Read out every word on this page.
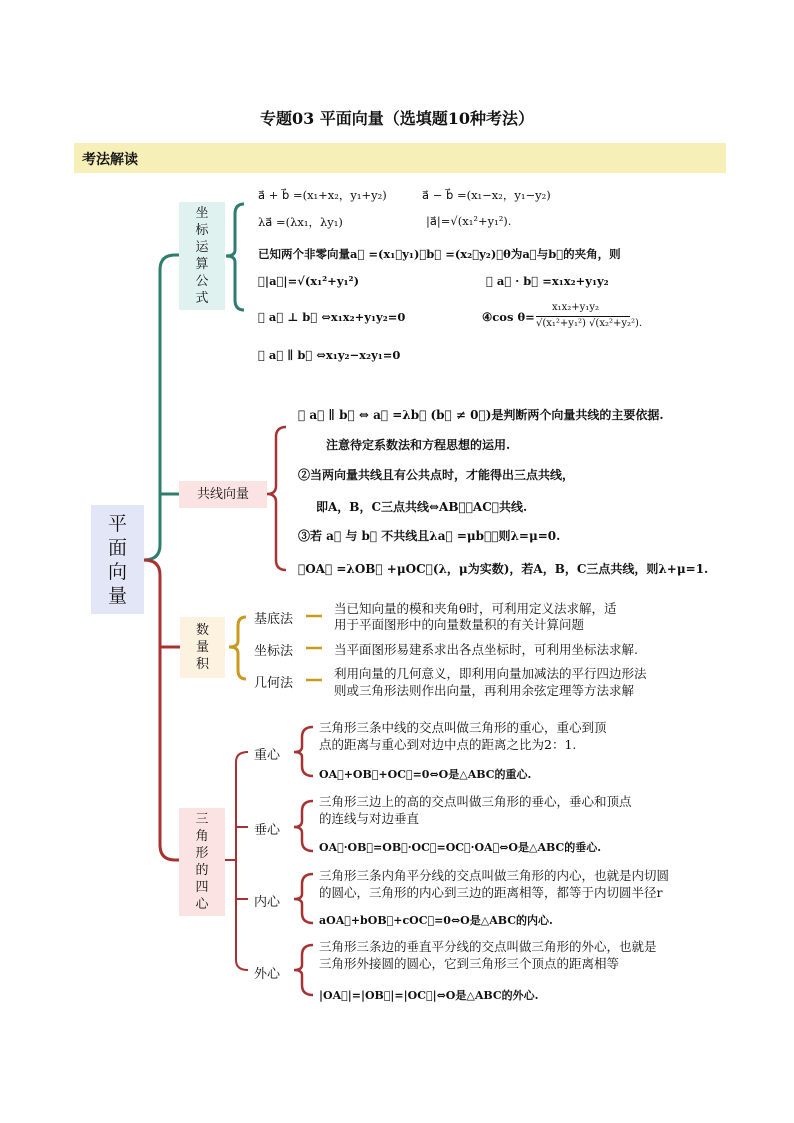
专题03 平面向量（选填题10种考法）
考法解读
平
面
向
量
坐
标
运
算
公
式
a⃗ + b⃗ =(x₁+x₂，y₁+y₂)	a⃗ − b⃗ =(x₁−x₂，y₁−y₂)
λa⃗ =(λx₁，λy₁)	|a⃗|=√(x₁²+y₁²).
已知两个非零向量a⃗ =(x₁，y₁)，b⃗ =(x₂，y₂)，θ为a⃗与b⃗的夹角，则
①|a⃗|=√(x₁²+y₁²)	② a⃗ · b⃗ =x₁x₂+y₁y₂
③ a⃗ ⊥ b⃗ ⇔x₁x₂+y₁y₂=0	④cos θ=
x₁x₂+y₁y₂
√(x₁²+y₁²) √(x₂²+y₂²).
⑤ a⃗ ∥ b⃗ ⇔x₁y₂−x₂y₁=0
共线向量
① a⃗ ∥ b⃗ ⇔ a⃗ =λb⃗ (b⃗ ≠ 0⃗)是判断两个向量共线的主要依据.
注意待定系数法和方程思想的运用.
②当两向量共线且有公共点时，才能得出三点共线，
即A，B，C三点共线⇔AB⃗，AC⃗共线.
③若 a⃗ 与 b⃗ 不共线且λa⃗ =μb⃗，则λ=μ=0.
④OA⃗ =λOB⃗ +μOC⃗(λ，μ为实数)，若A，B，C三点共线，则λ+μ=1.
数
量
积
基底法
当已知向量的模和夹角θ时，可利用定义法求解，适
用于平面图形中的向量数量积的有关计算问题
坐标法	当平面图形易建系求出各点坐标时，可利用坐标法求解.
几何法
利用向量的几何意义，即利用向量加减法的平行四边形法
则或三角形法则作出向量，再利用余弦定理等方法求解
三
角
形
的
四
心
重心
三角形三条中线的交点叫做三角形的重心，重心到顶
点的距离与重心到对边中点的距离之比为2：1.
OA⃗+OB⃗+OC⃗=0⇔O是△ABC的重心.
垂心
三角形三边上的高的交点叫做三角形的垂心，垂心和顶点
的连线与对边垂直
OA⃗·OB⃗=OB⃗·OC⃗=OC⃗·OA⃗⇔O是△ABC的垂心.
内心
三角形三条内角平分线的交点叫做三角形的内心，也就是内切圆
的圆心，三角形的内心到三边的距离相等，都等于内切圆半径r
aOA⃗+bOB⃗+cOC⃗=0⇔O是△ABC的内心.
外心
三角形三条边的垂直平分线的交点叫做三角形的外心，也就是
三角形外接圆的圆心，它到三角形三个顶点的距离相等
|OA⃗|=|OB⃗|=|OC⃗|⇔O是△ABC的外心.
